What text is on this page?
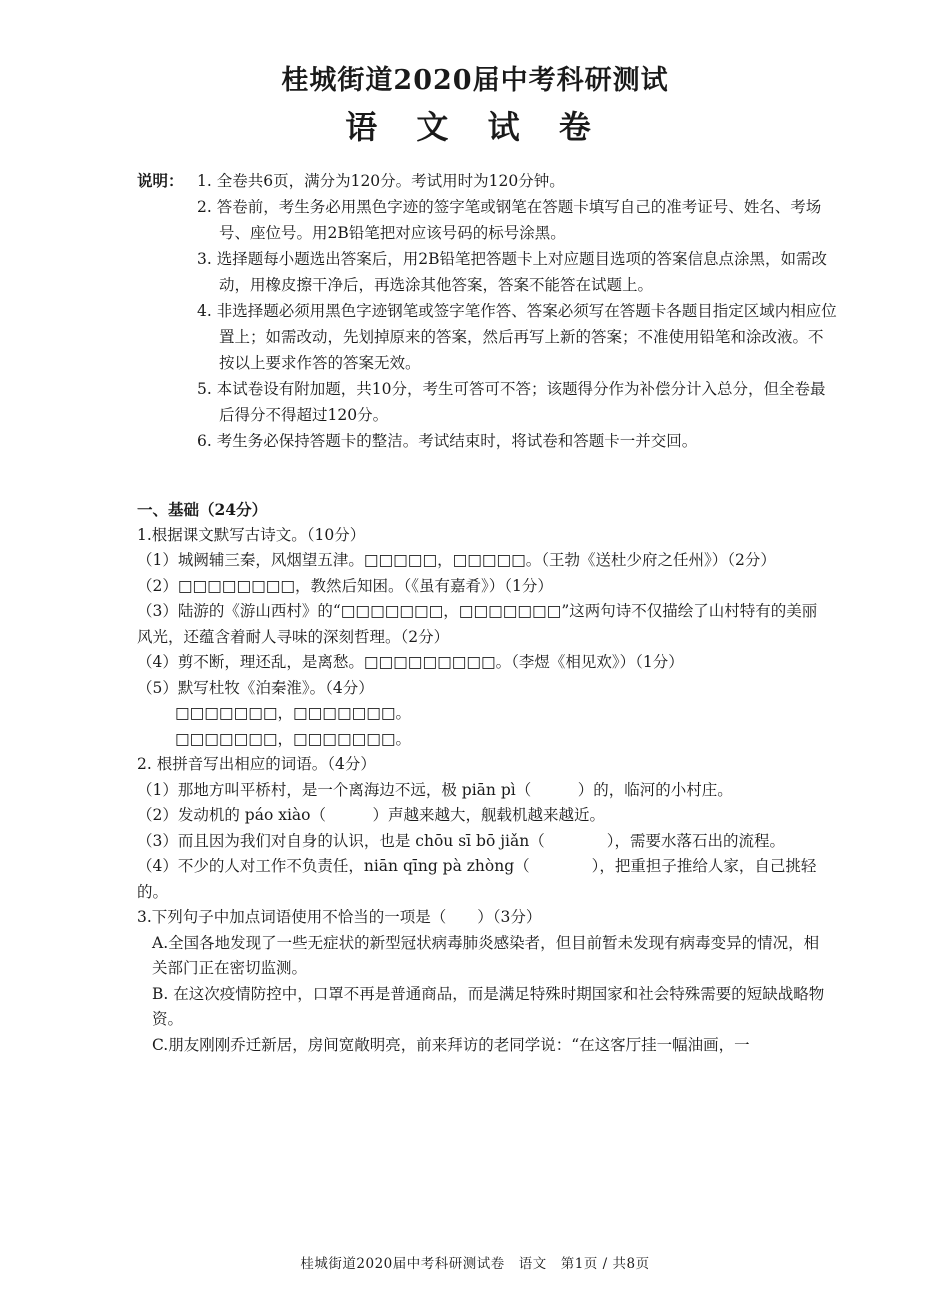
桂城街道2020届中考科研测试
语 文 试 卷
说明： 1. 全卷共6页，满分为120分。考试用时为120分钟。
2. 答卷前，考生务必用黑色字迹的签字笔或钢笔在答题卡填写自己的准考证号、姓名、考场号、座位号。用2B铅笔把对应该号码的标号涂黑。
3. 选择题每小题选出答案后，用2B铅笔把答题卡上对应题目选项的答案信息点涂黑，如需改动，用橡皮擦干净后，再选涂其他答案，答案不能答在试题上。
4. 非选择题必须用黑色字迹钢笔或签字笔作答、答案必须写在答题卡各题目指定区域内相应位置上；如需改动，先划掉原来的答案，然后再写上新的答案；不准使用铅笔和涂改液。不按以上要求作答的答案无效。
5. 本试卷设有附加题，共10分，考生可答可不答；该题得分作为补偿分计入总分，但全卷最后得分不得超过120分。
6. 考生务必保持答题卡的整洁。考试结束时，将试卷和答题卡一并交回。
一、基础（24分）
1.根据课文默写古诗文。（10分）
（1）城阙辅三秦，风烟望五津。□□□□□，□□□□□。（王勃《送杜少府之任州》）（2分）
（2）□□□□□□□□，教然后知困。（《虽有嘉肴》）（1分）
（3）陆游的《游山西村》的“□□□□□□□，□□□□□□□”这两句诗不仅描绘了山村特有的美丽风光，还蕴含着耐人寻味的深刻哲理。（2分）
（4）剪不断，理还乱，是离愁。□□□□□□□□□。（李煜《相见欢》）（1分）
（5）默写杜牧《泊秦淮》。（4分）
□□□□□□□，□□□□□□□。
□□□□□□□，□□□□□□□。
2. 根拼音写出相应的词语。（4分）
（1）那地方叫平桥村，是一个离海边不远，极 piān pì（　　　）的，临河的小村庄。
（2）发动机的 páo xiào（　　　）声越来越大，舰载机越来越近。
（3）而且因为我们对自身的认识，也是 chōu sī bō jiǎn（　　　　），需要水落石出的流程。
（4）不少的人对工作不负责任，niān qīng pà zhòng（　　　　），把重担子推给人家，自己挑轻的。
3.下列句子中加点词语使用不恰当的一项是（　　）（3分）
A.全国各地发现了一些无症状的新型冠状病毒肺炎感染者，但目前暂未发现有病毒变异的情况，相关部门正在密切监测。
B. 在这次疫情防控中，口罩不再是普通商品，而是满足特殊时期国家和社会特殊需要的短缺战略物资。
C.朋友刚刚乔迁新居，房间宽敞明亮，前来拜访的老同学说：“在这客厅挂一幅油画，一
桂城街道2020届中考科研测试卷　语文　第1页 / 共8页
